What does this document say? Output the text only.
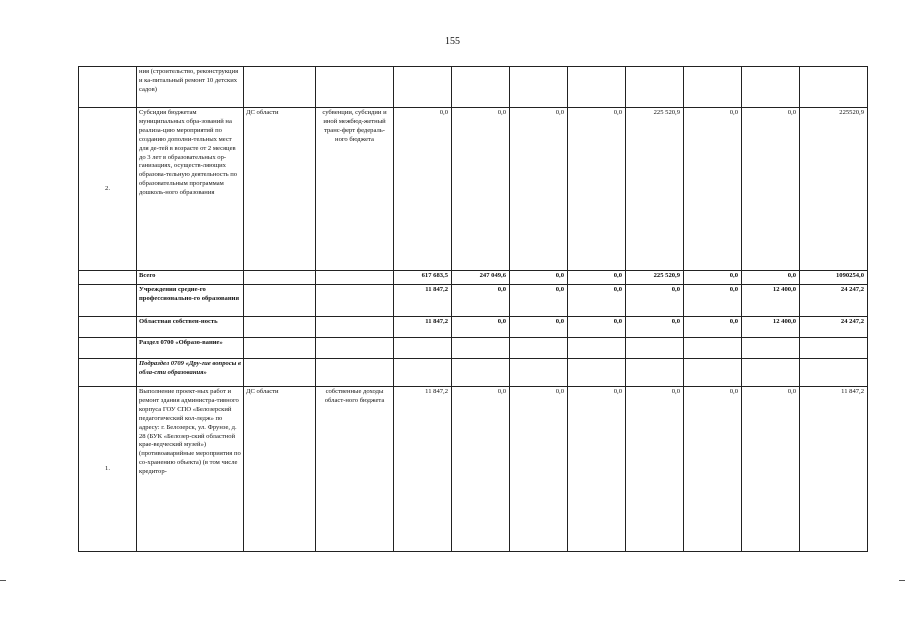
155
	ния (строительство, реконструкция и ка-питальный ремонт 10 детских садов)										
2.	Субсидия бюджетам муниципальных обра-зований на реализа-цию мероприятий по созданию дополни-тельных мест для де-тей в возрасте от 2 месяцев до 3 лет в образовательных ор-ганизациях, осуществ-ляющих образова-тельную деятельность по образовательным программам дошколь-ного образования	ДС области	субвенции, субсидии и иной межбюд-жетный транс-ферт федераль-ного бюджета	0,0	0,0	0,0	0,0	225 520,9	0,0	0,0	225520,9
	Всего			617 683,5	247 049,6	0,0	0,0	225 520,9	0,0	0,0	1090254,0
	Учреждения средне-го профессионально-го образования			11 847,2	0,0	0,0	0,0	0,0	0,0	12 400,0	24 247,2
	Областная собствен-ность			11 847,2	0,0	0,0	0,0	0,0	0,0	12 400,0	24 247,2
	Раздел 0700 «Образо-вание»										
	Подраздел 0709 «Дру-гие вопросы в обла-сти образования»										
1.	Выполнение проект-ных работ и ремонт здания администра-тивного корпуса ГОУ СПО «Белозерский педагогический кол-ледж» по адресу: г. Белозерск, ул. Фрунзе, д. 28 (БУК «Белозер-ский областной крае-ведческий музей») (противоаварийные мероприятия по со-хранению объекта) (в том числе кредитор-	ДС области	собственные доходы област-ного бюджета	11 847,2	0,0	0,0	0,0	0,0	0,0	0,0	11 847,2
